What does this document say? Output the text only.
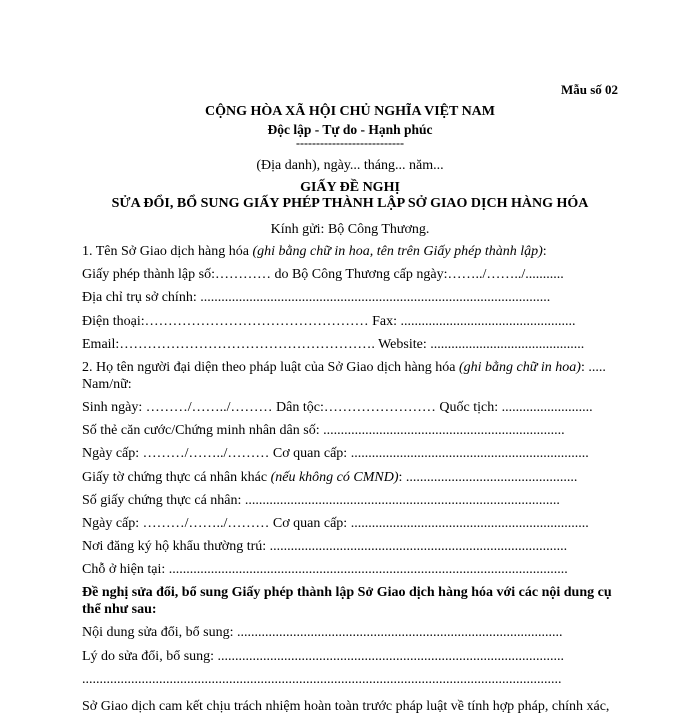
Mẫu số 02
CỘNG HÒA XÃ HỘI CHỦ NGHĨA VIỆT NAM
Độc lập - Tự do - Hạnh phúc
---------------------------
(Địa danh), ngày... tháng... năm...
GIẤY ĐỀ NGHỊ
SỬA ĐỔI, BỔ SUNG GIẤY PHÉP THÀNH LẬP SỞ GIAO DỊCH HÀNG HÓA
Kính gửi: Bộ Công Thương.
1. Tên Sở Giao dịch hàng hóa (ghi bằng chữ in hoa, tên trên Giấy phép thành lập):
Giấy phép thành lập số:………… do Bộ Công Thương cấp ngày:……../……../...........
Địa chỉ trụ sở chính: ....................................................................................................
Điện thoại:………………………………………… Fax: ..................................................
Email:………………………………………………. Website: ............................................
2. Họ tên người đại diện theo pháp luật của Sở Giao dịch hàng hóa (ghi bằng chữ in hoa): ..... Nam/nữ:
Sinh ngày: ………/……../……… Dân tộc:…………………… Quốc tịch: ..........................
Số thẻ căn cước/Chứng minh nhân dân số: .....................................................................
Ngày cấp: ………/……../……… Cơ quan cấp: ....................................................................
Giấy tờ chứng thực cá nhân khác (nếu không có CMND): .................................................
Số giấy chứng thực cá nhân: ..........................................................................................
Ngày cấp: ………/……../……… Cơ quan cấp: ....................................................................
Nơi đăng ký hộ khẩu thường trú: .....................................................................................
Chỗ ở hiện tại: ..................................................................................................................
Đề nghị sửa đổi, bổ sung Giấy phép thành lập Sở Giao dịch hàng hóa với các nội dung cụ thể như sau:
Nội dung sửa đổi, bổ sung: .............................................................................................
Lý do sửa đổi, bổ sung: ...................................................................................................
.........................................................................................................................................
Sở Giao dịch cam kết chịu trách nhiệm hoàn toàn trước pháp luật về tính hợp pháp, chính xác,
